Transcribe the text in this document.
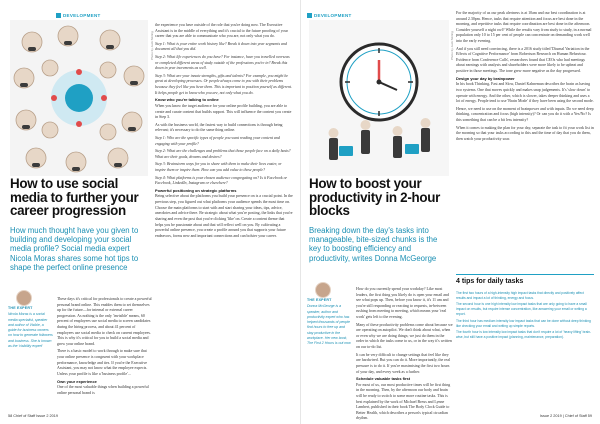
DEVELOPMENT
Photo by Jack Stirling
How to use social media to further your career progression
How much thought have you given to building and developing your social media profile? Social media expert Nicola Moras shares some hot tips to shape the perfect online presence
THE EXPERT
Nicola Moras is a social media specialist, speaker and author of Visible, a guide for business owners on how to generate followers and business. She is known as the 'visibility expert'

These days it's critical for professionals to create a powerful personal brand online. This enables them to set themselves up for the future—for internal or external career progression. As nothing is the only 'invisible' means, 60 percent of employees use social media to screen candidates during the hiring process, and about 41 percent of employees use social media to check on current employees. This is why it's critical for you to build a social media and grow your online brand.

There is a basic model to work through to make sure that your online presence is congruent with your workplace performance, knowledge and ties. If you're the Executive Assistant, you may not know what the employee expects. Unless your profile is like a 'business profile'...

Own your experience

One of the most valuable things when building a powerful online personal brand is

the experience you have outside of the role that you're doing now. The Executive Assistant is in the middle of everything and it's crucial to the future proofing of your career that you are able to communicate who you are, not only what you do.

Step 1: What is your entire work history like? Break it down into year segments and document all that you did.

Step 2: What life experiences do you have? For instance, have you travelled overseas or completed different areas of study outside of the professions you're in? Break this down in year increments as well.

Step 3: What are your innate strengths, gifts and talents? For example, you might be great at developing processes. Or people always come to you with their problems because they feel like you hear them. This is important to position yourself as different. It helps people get to know who you are, not only what you do.

Know who you're talking to online

When you know the target audience for your online profile building, you are able to create and curate content that builds rapport. This will influence the content you create in Step 3.

As with the business world, the fastest way to build connections is through being relevant; it's necessary to do the same thing online.

Step 1: Who are the specific types of people you want reading your content and engaging with your profile?

Step 2: What are the challenges and problems that those people face on a daily basis? What are their goals, dreams and desires?

Step 3: Brainstorm ways for you to share with them to make their lives easier, or inspire them or inspire them. How can you add value to these people?

Step 4: What platforms is your chosen audience congregating on? Is it Facebook or Facebook, LinkedIn, Instagram or elsewhere?

Powerful positioning on strategic platforms

Being selective about the platforms you build your presence on is a crucial point. In the previous step, you figured out what platforms your audience spends the most time on. Choose the main platforms to start with and start sharing your ideas, tips, advice, anecdotes and advice there. Be strategic about what you're posting, the links that you're sharing and even the post that you're clicking 'like' on. Create a content theme that helps you be passionate about and that will reflect well on you. By cultivating a powerful online presence, you create a profile around you that supports your future endeavors, forms new and important connections and can bolster your career.

58 Chief of Staff Issue 2 2019
DEVELOPMENT
Photo by Jack Stirling
How to boost your productivity in 2-hour blocks
Breaking down the day's tasks into manageable, bite-sized chunks is the key to boosting efficiency and productivity, writes Donna McGeorge
THE EXPERT
Donna McGeorge is a speaker, author and productivity expert who has helped thousands of people find hours to free up and stay productive in the workplace. Her new book, The First 2 Hours is out now

How do you currently spend your workday? Like most leaders, the first thing you likely do is open your email and see what pops up. Then, before you know it, it's 11 am and you're still responding or reacting to requests, in-between rushing from meeting to meeting, which means your 'real work' gets left to the evening.

Many of these productivity problems come about because we are operating on autopilot. We don't think about what, when or even why we are doing things; we just do them in the order in which the tasks come to us, or in the way it's written on our to-do list.

It can be very difficult to change settings that feel like they are hardwired. But you can do it. More importantly, the real pressure is to do it. If you're maximising the first two hours of your day, and every week as a further.

Schedule valuable tasks first

For most of us, our most productive times will be first thing in the morning. Then, by the afternoon our body and brain will be ready to switch to some more routine tasks. This is best explained by the work of Michael Breus and Lynne Lambert, published in their book The Body Clock Guide to Better Health, which describes a person's typical circadian rhythm.

For the majority of us our peak alertness is at 10am and our best coordination is at around 2.30pm. Hence, tasks that require attention and focus are best done in the morning, and repetitive tasks that require coordination are best done in the afternoon. Consider yourself a night owl? While the results vary from study to study, in a normal population only 10 to 15 per cent of people can concentrate on demanding work well into the early evening.

And if you still need convincing, there is a 2016 study titled 'Diurnal Variation in the Effects of Cognitive Performance' from Robertson Research on Human Behaviour. Evidence from Conference Calls', researchers found that CEOs who had meetings about earnings with analysts and shareholders were more likely to be upbeat and positive in those meetings. The tone grew more negative as the day progressed.

Design your day by brainpower

In his book Thinking, Fast and Slow, Daniel Kahneman describes the brain as having two systems. One that moves quickly and makes snap judgements. It's 'slow down' to operate with energy. And the other, which is slower, takes deeper thinking and uses a lot of energy. People tend to use 'Brain Mode' if they have been using the second mode.

Hence, we need to use on the moment of brainpower and with inputs. Do we need deep thinking, concentration and focus (high intensity)? Or can you do it with a Yes/No? Is this something that can be a bit less intensity?

When it comes to making the plan for your day, separate the task to fit your work list in the morning so that your tasks according to this and the time of day that you do them, then watch your productivity soar.

4 tips for daily tasks

The first two hours of a high-intensity high impact tasks that directly and positively affect results and impact a lot of thinking, energy and focus.

The second hour is one high intensity low impact tasks that are only going to have a small impact on results, but require intense concentration, like answering your email or writing a report.

The third hour has medium intensity low impact tasks that can be done without deep thinking like checking your email and writing up simple reports.

The fourth hour is low intensity low impact tasks that don't require a lot of 'heavy lifting' brain-wise, but still have a positive impact (planning, maintenance, preparation).

Issue 2 2019 | Chief of Staff 59
